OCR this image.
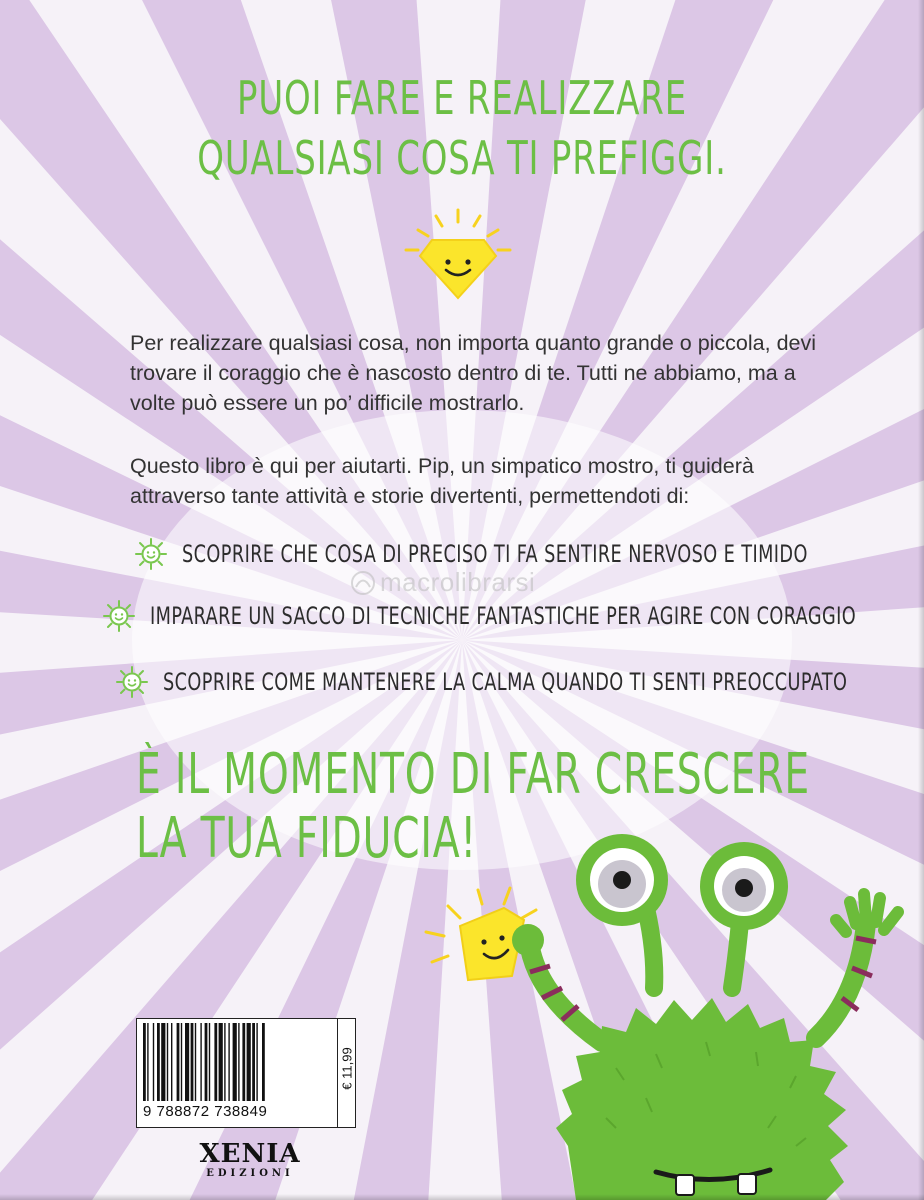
PUOI FARE E REALIZZARE
QUALSIASI COSA TI PREFIGGI.

Per realizzare qualsiasi cosa, non importa quanto grande o piccola, devi trovare il coraggio che è nascosto dentro di te. Tutti ne abbiamo, ma a volte può essere un po’ difficile mostrarlo.

Questo libro è qui per aiutarti. Pip, un simpatico mostro, ti guiderà attraverso tante attività e storie divertenti, permettendoti di:

macrolibrarsi
SCOPRIRE CHE COSA DI PRECISO TI FA SENTIRE NERVOSO E TIMIDO
IMPARARE UN SACCO DI TECNICHE FANTASTICHE PER AGIRE CON CORAGGIO
SCOPRIRE COME MANTENERE LA CALMA QUANDO TI SENTI PREOCCUPATO
È IL MOMENTO DI FAR CRESCERE
LA TUA FIDUCIA!
9 788872 738849
€ 11,99
XENIA
EDIZIONI
